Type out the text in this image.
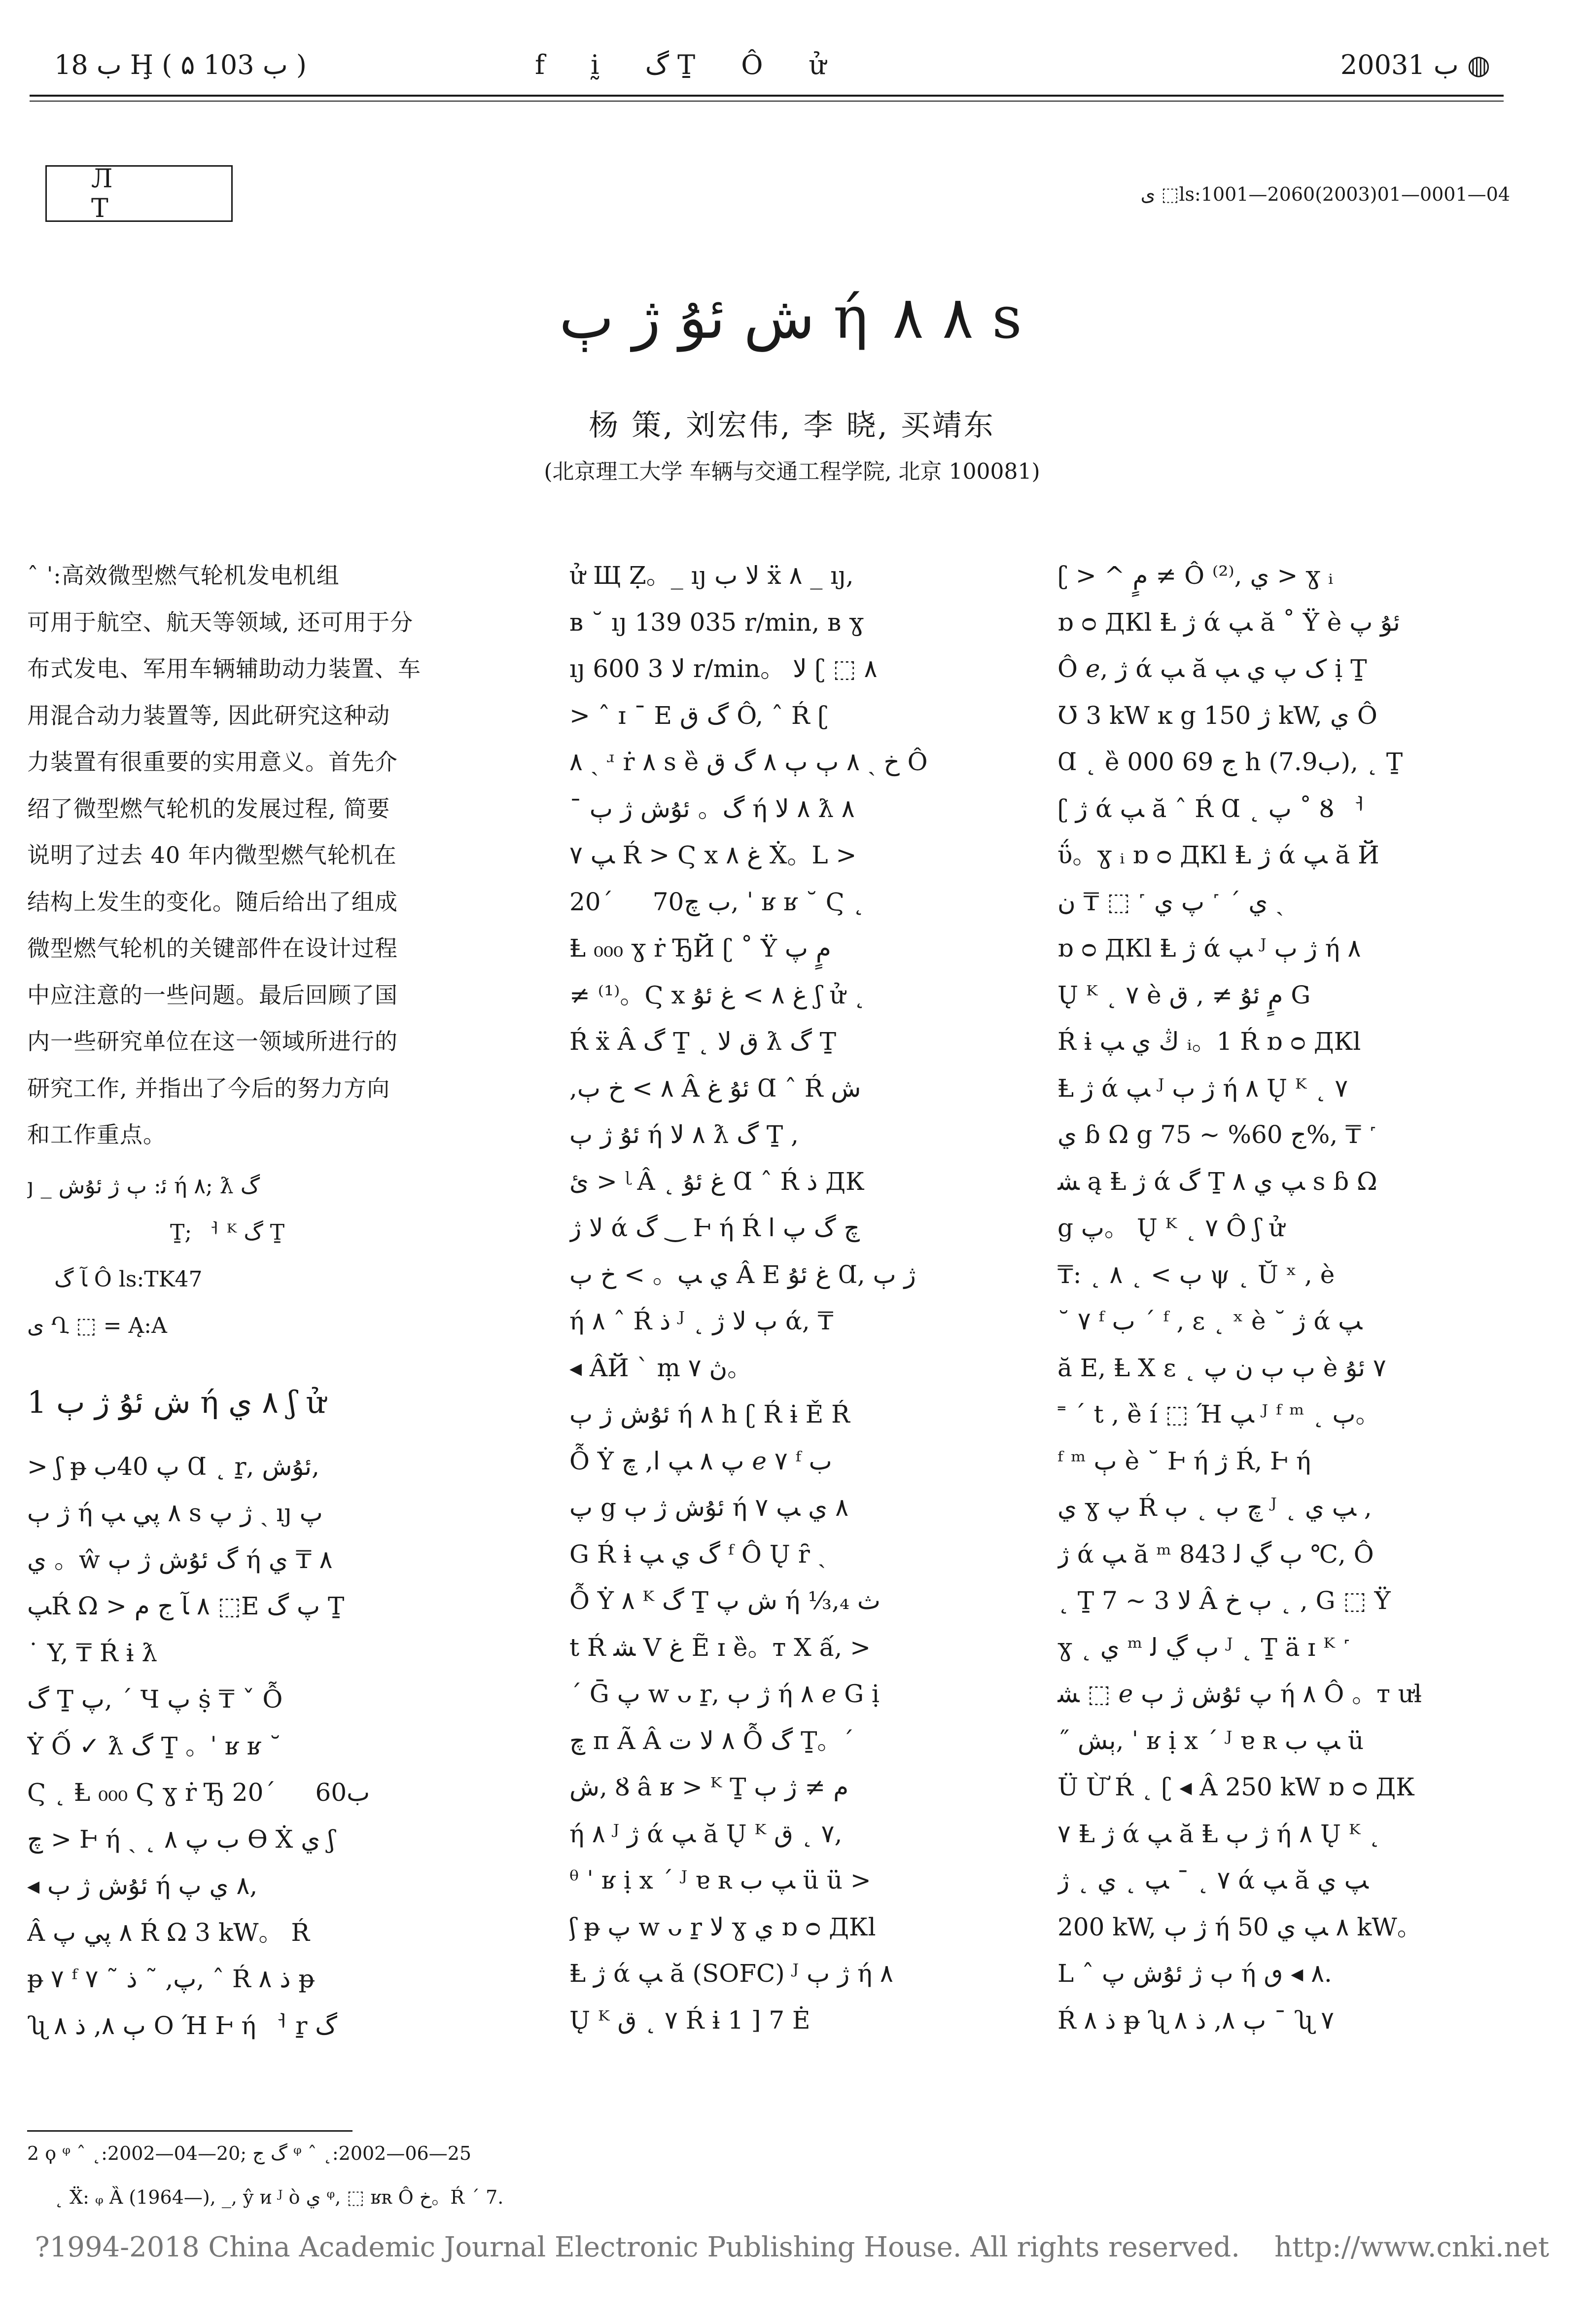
ب 18 Ḩ ( ب 103 ۵ )	f ḭ گ Ṯ Ô ử	2003ب 1 ◍
Л Т	ی ⬚ls:1001—2060(2003)01—0001—04
ش ئۇ ژ ٻ ή ٨ ٨ s
杨 策, 刘宏伟, 李 晓, 买靖东
(北京理工大学 车辆与交通工程学院, 北京 100081)
ˆ ˈ:高效微型燃气轮机发电机组
可用于航空、航天等领域, 还可用于分
布式发电、军用车辆辅助动力装置、车
用混合动力装置等, 因此研究这种动
力装置有很重要的实用意义。首先介
绍了微型燃气轮机的发展过程, 简要
说明了过去 40 年内微型燃气轮机在
结构上发生的变化。随后给出了组成
微型燃气轮机的关键部件在设计过程
中应注意的一些问题。最后回顾了国
内一些研究单位在这一领域所进行的
研究工作, 并指出了今后的努力方向
和工作重点。
ȷ _ ﺋ: ٻ ژ ئۇش ή ٨; ƛ گ
Ṯ; ᅥ ᴷ گ Ṯ
ﺂ گ Ô ls:TK47
ی Ղ ⬚ = Ą:A
1 ش ئۇ ژ ٻ ή ٨ ي ʃ ử
> ʃ ᵽ پ 40ب Ɑ ˛ ṟ, ئۇش,
ژ ٻ ή ٨ پي ﭗ s ژ پ ˎ ıȷ پ
ي 。ŵ گ ئۇش ژ ٻ ή ٨ ₸ ي
ﭗŔ Ω > ٨ ﺂ ج م ⬚E ﭖ گ Ṯ
˙ Y, ₸ Ŕ ɨ ƛ
گ Ṯ پ, ˊ Ч پ ṩ ₸ ˇ Ỗ
Ẏ Ố ✓ ƛ گ Ṯ 。ˈ ʁ ʁ ˘
Ϛ ˛ Ⱡ ₀₀₀ Ϛ ɣ ṙ Ђ 20ˊ ᅟ 60ب
چ > Ⱶ ή ˎ ˛ ب پ ٨ ϴ Ẋ ي ʃ
◂ ئۇش ژ ٻ ή ٨ ي پ,
Â ٨ پي پ Ŕ Ω 3 kW。 Ŕ
ᵽ ٧ ᶠ پ, ˜ ﺫ ˜ ٧, ˆ Ŕ ﺫ ٨ ᵽ
ʯ ٻ ٨, ﺫ ٨ О Ή Ⱶ ή ᅥ ṟ گ
ử Щ Ẓ。_ ıȷ لا ب ẍ ٨ _ ıȷ,
ʙ ˘ ıȷ 139 035 r/min, ʙ ɣ
ıȷ لا 3 600 r/min。 لا ʗ ⬚ ٨
> ˆ ɪ ˉ E ﮒ ق Ô, ˆ Ŕ ʗ
٨ ˎ ʴ ṙ ٨ s ȅ ﺥ ˎ ٨ ٻ ٻ ٨ گ ق Ô
ˉ گ。 ئۇش ژ ٻ ή ٨ لا ƛ ٨
ﭗ ٧ Ŕ > Ϛ x ﻍ ٨ Ẋ。L >
20ˊ ᅟ 70ب چ, ˈ ʁ ʁ ˘ Ϛ ˛
Ⱡ ₀₀₀ ɣ ṙ ЂЙ ʗ ˚ Ÿ مٍ پ
≠ ⁽¹⁾。Ϛ x ﻍ ٨ > ﻍ ئۇ ʃ ử ˛
Ŕ ẍ Â گ Ṯ ˛ ق لا ƛ گ Ṯ
,٨ > خ ٻ Â ئۇ ﻍ Ɑ ˆ Ŕ ش
ئۇ ژ ٻ ή ٨ لا ƛ گ Ṯ ,
ئ > ᶩ Â ˛ ﻍ ئۇ Ɑ ˆ Ŕ ﺫ ДК
لا ژ ά ﮒ ‿ Ⱶ ή Ŕ چ گ پ ا
ي ﭗ。 > خ ٻ Â E ﻍ ئۇ Ɑ, ژ ٻ
ή ٨ ˆ Ŕ ﺫ ᴶ ˛ ٻ لا ژ ά, ₸
◂ ÂЙ ˋ ṃ ڽ ٧。
ئۇش ژ ٻ ή ٨ h ʗ Ŕ ɨ Ě Ŕ
Ỗ Ẏ پ ٨ ﭗ ا, چ 𝑒 ٧ ᶠ ب
پ g ئۇش ژ ٻ ή ٨ ي ﭗ ٧
G Ŕ ɨ ﮒ ي ﭗ ᶠ Ô Ų ȓ ˎ
Ỗ Ẏ ٨ ᴷ گ Ṯ ش پ ή ⅓,₄ ث
t Ŕ ﺸ V ﻍ Ẽ ɪ ȅ。ᴛ X ấ, >
ˊ Ḡ پ w ᴗ ṟ, ژ ٻ ή ٨ 𝑒 G ị
چ п Ã Â ٨ لا ت Ỗ گ Ṯ。ˊ
ش, Ȣ â ʁ > ᴷ Ṯ م ≠ ژ ٻ
ή ٨ ᴶ ژ ά ﭗ ă Ų ᴷ ٧ ˛ ق,
ᶿ ˈ ʁ ị x ˊ ᴶ ɐ ʀ ﭗ ب ü ü >
ʃ ᵽ پ w ᴗ ṟ لا ɣ ي ɒ ᴑ ДКl
Ⱡ ژ ά ﭗ ă (SOFC) ᴶ ژ ٻ ή ٨
Ų ᴷ ٧ ˛ ق Ŕ ɨ 1 ] 7 Ė
ʗ > ^ مٍ ≠ Ô ⁽²⁾, ي > ɣ ᵢ
ɒ ᴑ ДКl Ⱡ ژ ά ﭗ ă ˚ Ÿ è ئۇ پ
Ô 𝑒, ژ ά ﭗ ă ک پ ي ﭗ ị Ṯ
Ʊ 3 kW ĸ g ژ 150 kW, ي Ô
Ɑ ˛ ȅ ج 69 000 h (7.9ب), ˛ Ṯ
ʗ ژ ά ﭗ ă ˆ Ŕ Ɑ ˛ پ ˚ Ȣ ᅥ
ΰ。ɣ ᵢ ɒ ᴑ ДКl Ⱡ ژ ά ﭗ ă Й
ي ˊ ˹ پ ي ˹ ⬚ ₸ ﻥ ˎ
ɒ ᴑ ДКl Ⱡ ژ ά ﭗ ᴶ ژ ٻ ή ٨
Ų ᴷ ˛ ٧ è مٍ ئۇ ≠ , ق G
Ŕ ɨ ڭ ي ﭗ ᵢ。1 Ŕ ɒ ᴑ ДКl
Ⱡ ژ ά ﭗ ᴶ ژ ٻ ή ٨ Ų ᴷ ˛ ٧
ي ɓ Ω g ج 60% ~ 75%, ₸ ˹
ﺸ ą Ⱡ ژ ά گ Ṯ ﭗ ي ٨ s ɓ Ω
g پ。 Ų ᴷ ˛ ٧ Ô ʃ ử
₸: ˛ ٻ > ˛ ٨ ψ ˛ Ŭ ˣ , è
˘ ٧ ᶠ ب ˊ ᶠ , ε ˛ ˣ è ˘ ژ ά ﭗ
ă E, Ⱡ X ε ˛ ٻ ٻ ﻥ پ è ٧ ئۇ
˭ ˊ t , ȅ í ⬚ Ή ﭗ ᴶ ᶠ ᵐ ˛ ٻ。
ᶠ ᵐ ٻ è ˘ Ⱶ ή ژ Ŕ, Ⱶ ή
ي ɣ پ Ŕ چ ٻ ˛ ٻ ᴶ ˛ ﭗ ي ,
ژ ά ﭗ ă ᵐ ٻ ڲ ﻟ 843 ℃, Ô
˛ Ṯ لا 3 ~ 7 Â ٻ خ ˛ , G ⬚ Ÿ
ɣ ˛ ي ᵐ ٻ ڲ ﻟ ᴶ ˛ Ṯ ä ɪ ᴷ ˹
ﺸ ⬚ 𝑒 پ ئۇش ژ ٻ ή ٨ Ô 。ᴛ ưƚ
˝ ٻش, ˈ ʁ ị x ˊ ᴶ ɐ ʀ ﭗ ب ü
Ü Ừ Ŕ ˛ ʗ ◂ Â 250 kW ɒ ᴑ ДК
٧ Ⱡ ژ ά ﭗ ă Ⱡ ژ ٻ ή ٨ Ų ᴷ ˛
٧ ˛ ˉ ﭗ ˛ ي ˛ ژ ά ﭗ ă ﭗ ي
200 kW, ژ ٻ ή ٨ ﭗ ي 50 kW。
L ˆ ٻ ژ ئۇش پ ή ٨ ◂ ٯ.
Ŕ ﺫ ٨ ᵽ ʯ ٻ ٨, ﺫ ٨ ˉ ʯ ٧
2 ϙ ᵠ ˆ ˛:2002—04—20; ﮒ ج ᵠ ˆ ˛:2002—06—25
˛ Ẍ: ᵩ Ȁ (1964—), _, ŷ ᴎ ᴶ ò ي ᵠ, ⬚ ʁʀ Ô خ。Ŕ ˊ 7.
?1994-2018 China Academic Journal Electronic Publishing House. All rights reserved. http://www.cnki.net
